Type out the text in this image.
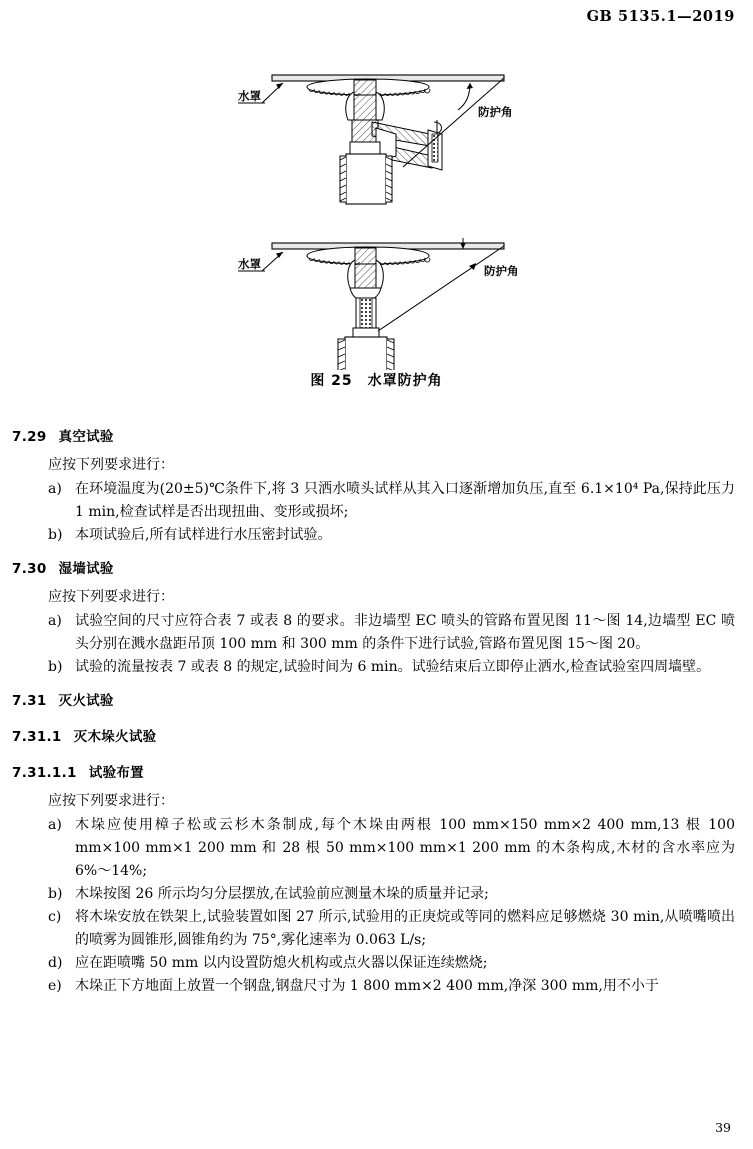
GB 5135.1—2019
水罩
防护角
水罩	防护角
图 25　水罩防护角
7.29 真空试验

应按下列要求进行：

a) 在环境温度为(20±5)℃条件下,将 3 只洒水喷头试样从其入口逐渐增加负压,直至 6.1×10⁴ Pa,保持此压力 1 min,检查试样是否出现扭曲、变形或损坏;
b) 本项试验后,所有试样进行水压密封试验。
7.30 湿墙试验

应按下列要求进行：

a) 试验空间的尺寸应符合表 7 或表 8 的要求。非边墙型 EC 喷头的管路布置见图 11～图 14,边墙型 EC 喷头分别在溅水盘距吊顶 100 mm 和 300 mm 的条件下进行试验,管路布置见图 15～图 20。
b) 试验的流量按表 7 或表 8 的规定,试验时间为 6 min。试验结束后立即停止洒水,检查试验室四周墙壁。
7.31 灭火试验
7.31.1 灭木垛火试验
7.31.1.1 试验布置

应按下列要求进行：

a) 木垛应使用樟子松或云杉木条制成,每个木垛由两根 100 mm×150 mm×2 400 mm,13 根 100 mm×100 mm×1 200 mm 和 28 根 50 mm×100 mm×1 200 mm 的木条构成,木材的含水率应为 6%～14%;
b) 木垛按图 26 所示均匀分层摆放,在试验前应测量木垛的质量并记录;
c) 将木垛安放在铁架上,试验装置如图 27 所示,试验用的正庚烷或等同的燃料应足够燃烧 30 min,从喷嘴喷出的喷雾为圆锥形,圆锥角约为 75°,雾化速率为 0.063 L/s;
d) 应在距喷嘴 50 mm 以内设置防熄火机构或点火器以保证连续燃烧;
e) 木垛正下方地面上放置一个钢盘,钢盘尺寸为 1 800 mm×2 400 mm,净深 300 mm,用不小于
39
